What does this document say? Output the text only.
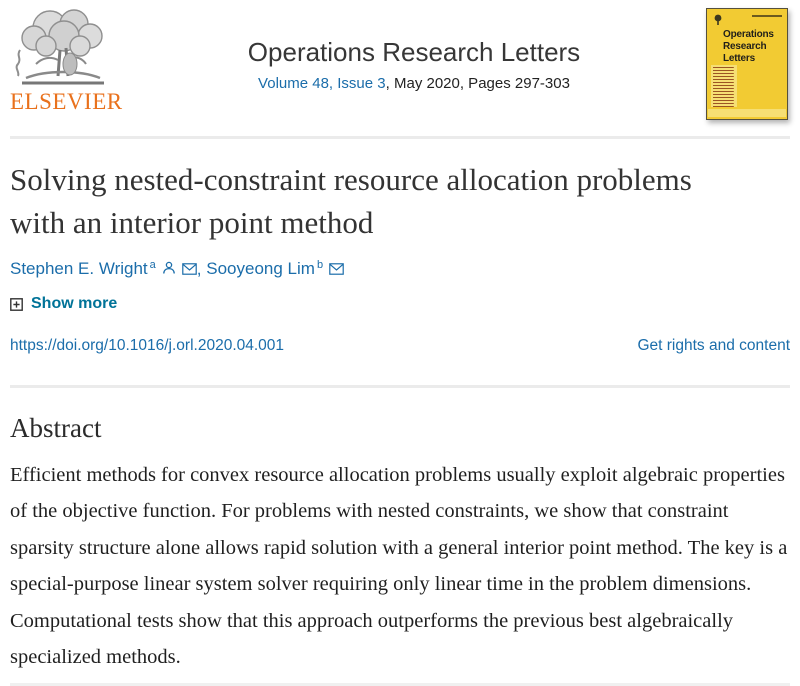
ELSEVIER
Operations Research Letters
Volume 48, Issue 3, May 2020, Pages 297-303
Operations
Research
Letters
Solving nested-constraint resource allocation problems with an interior point method
Stephen E. Wright $^a$ , Sooyeong Lim $^b$
Show more
https://doi.org/10.1016/j.orl.2020.04.001	Get rights and content
Abstract

Efficient methods for convex resource allocation problems usually exploit algebraic properties of the objective function. For problems with nested constraints, we show that constraint sparsity structure alone allows rapid solution with a general interior point method. The key is a special-purpose linear system solver requiring only linear time in the problem dimensions. Computational tests show that this approach outperforms the previous best algebraically specialized methods.
